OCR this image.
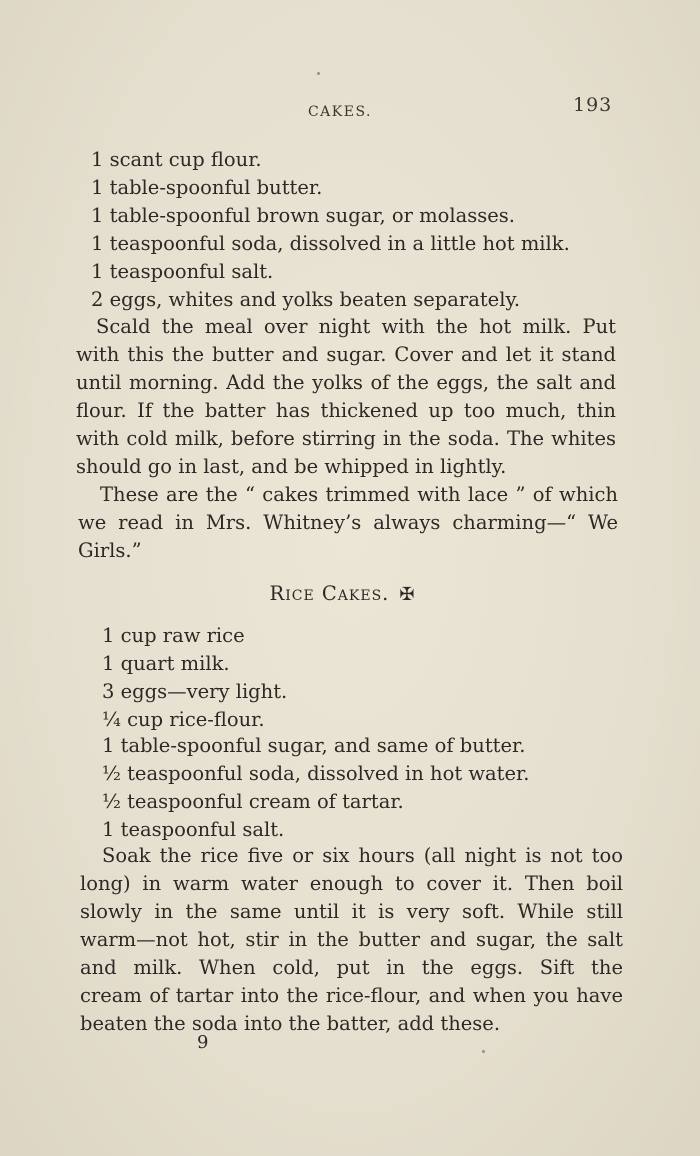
CAKES.	193
1 scant cup flour.
1 table-spoonful butter.
1 table-spoonful brown sugar, or molasses.
1 teaspoonful soda, dissolved in a little hot milk.
1 teaspoonful salt.
2 eggs, whites and yolks beaten separately.
Scald the meal over night with the hot milk. Put
with this the butter and sugar. Cover and let it stand
until morning. Add the yolks of the eggs, the salt and
flour. If the batter has thickened up too much, thin
with cold milk, before stirring in the soda. The whites
should go in last, and be whipped in lightly.
These are the “ cakes trimmed with lace ” of which
we read in Mrs. Whitney’s always charming—“ We
Girls.”
Rice Cakes. ✠
1 cup raw rice
1 quart milk.
3 eggs—very light.
¼ cup rice-flour.
1 table-spoonful sugar, and same of butter.
½ teaspoonful soda, dissolved in hot water.
½ teaspoonful cream of tartar.
1 teaspoonful salt.
Soak the rice five or six hours (all night is not too
long) in warm water enough to cover it. Then boil
slowly in the same until it is very soft. While still
warm—not hot, stir in the butter and sugar, the salt
and milk. When cold, put in the eggs. Sift the
cream of tartar into the rice-flour, and when you have
beaten the soda into the batter, add these.
9
